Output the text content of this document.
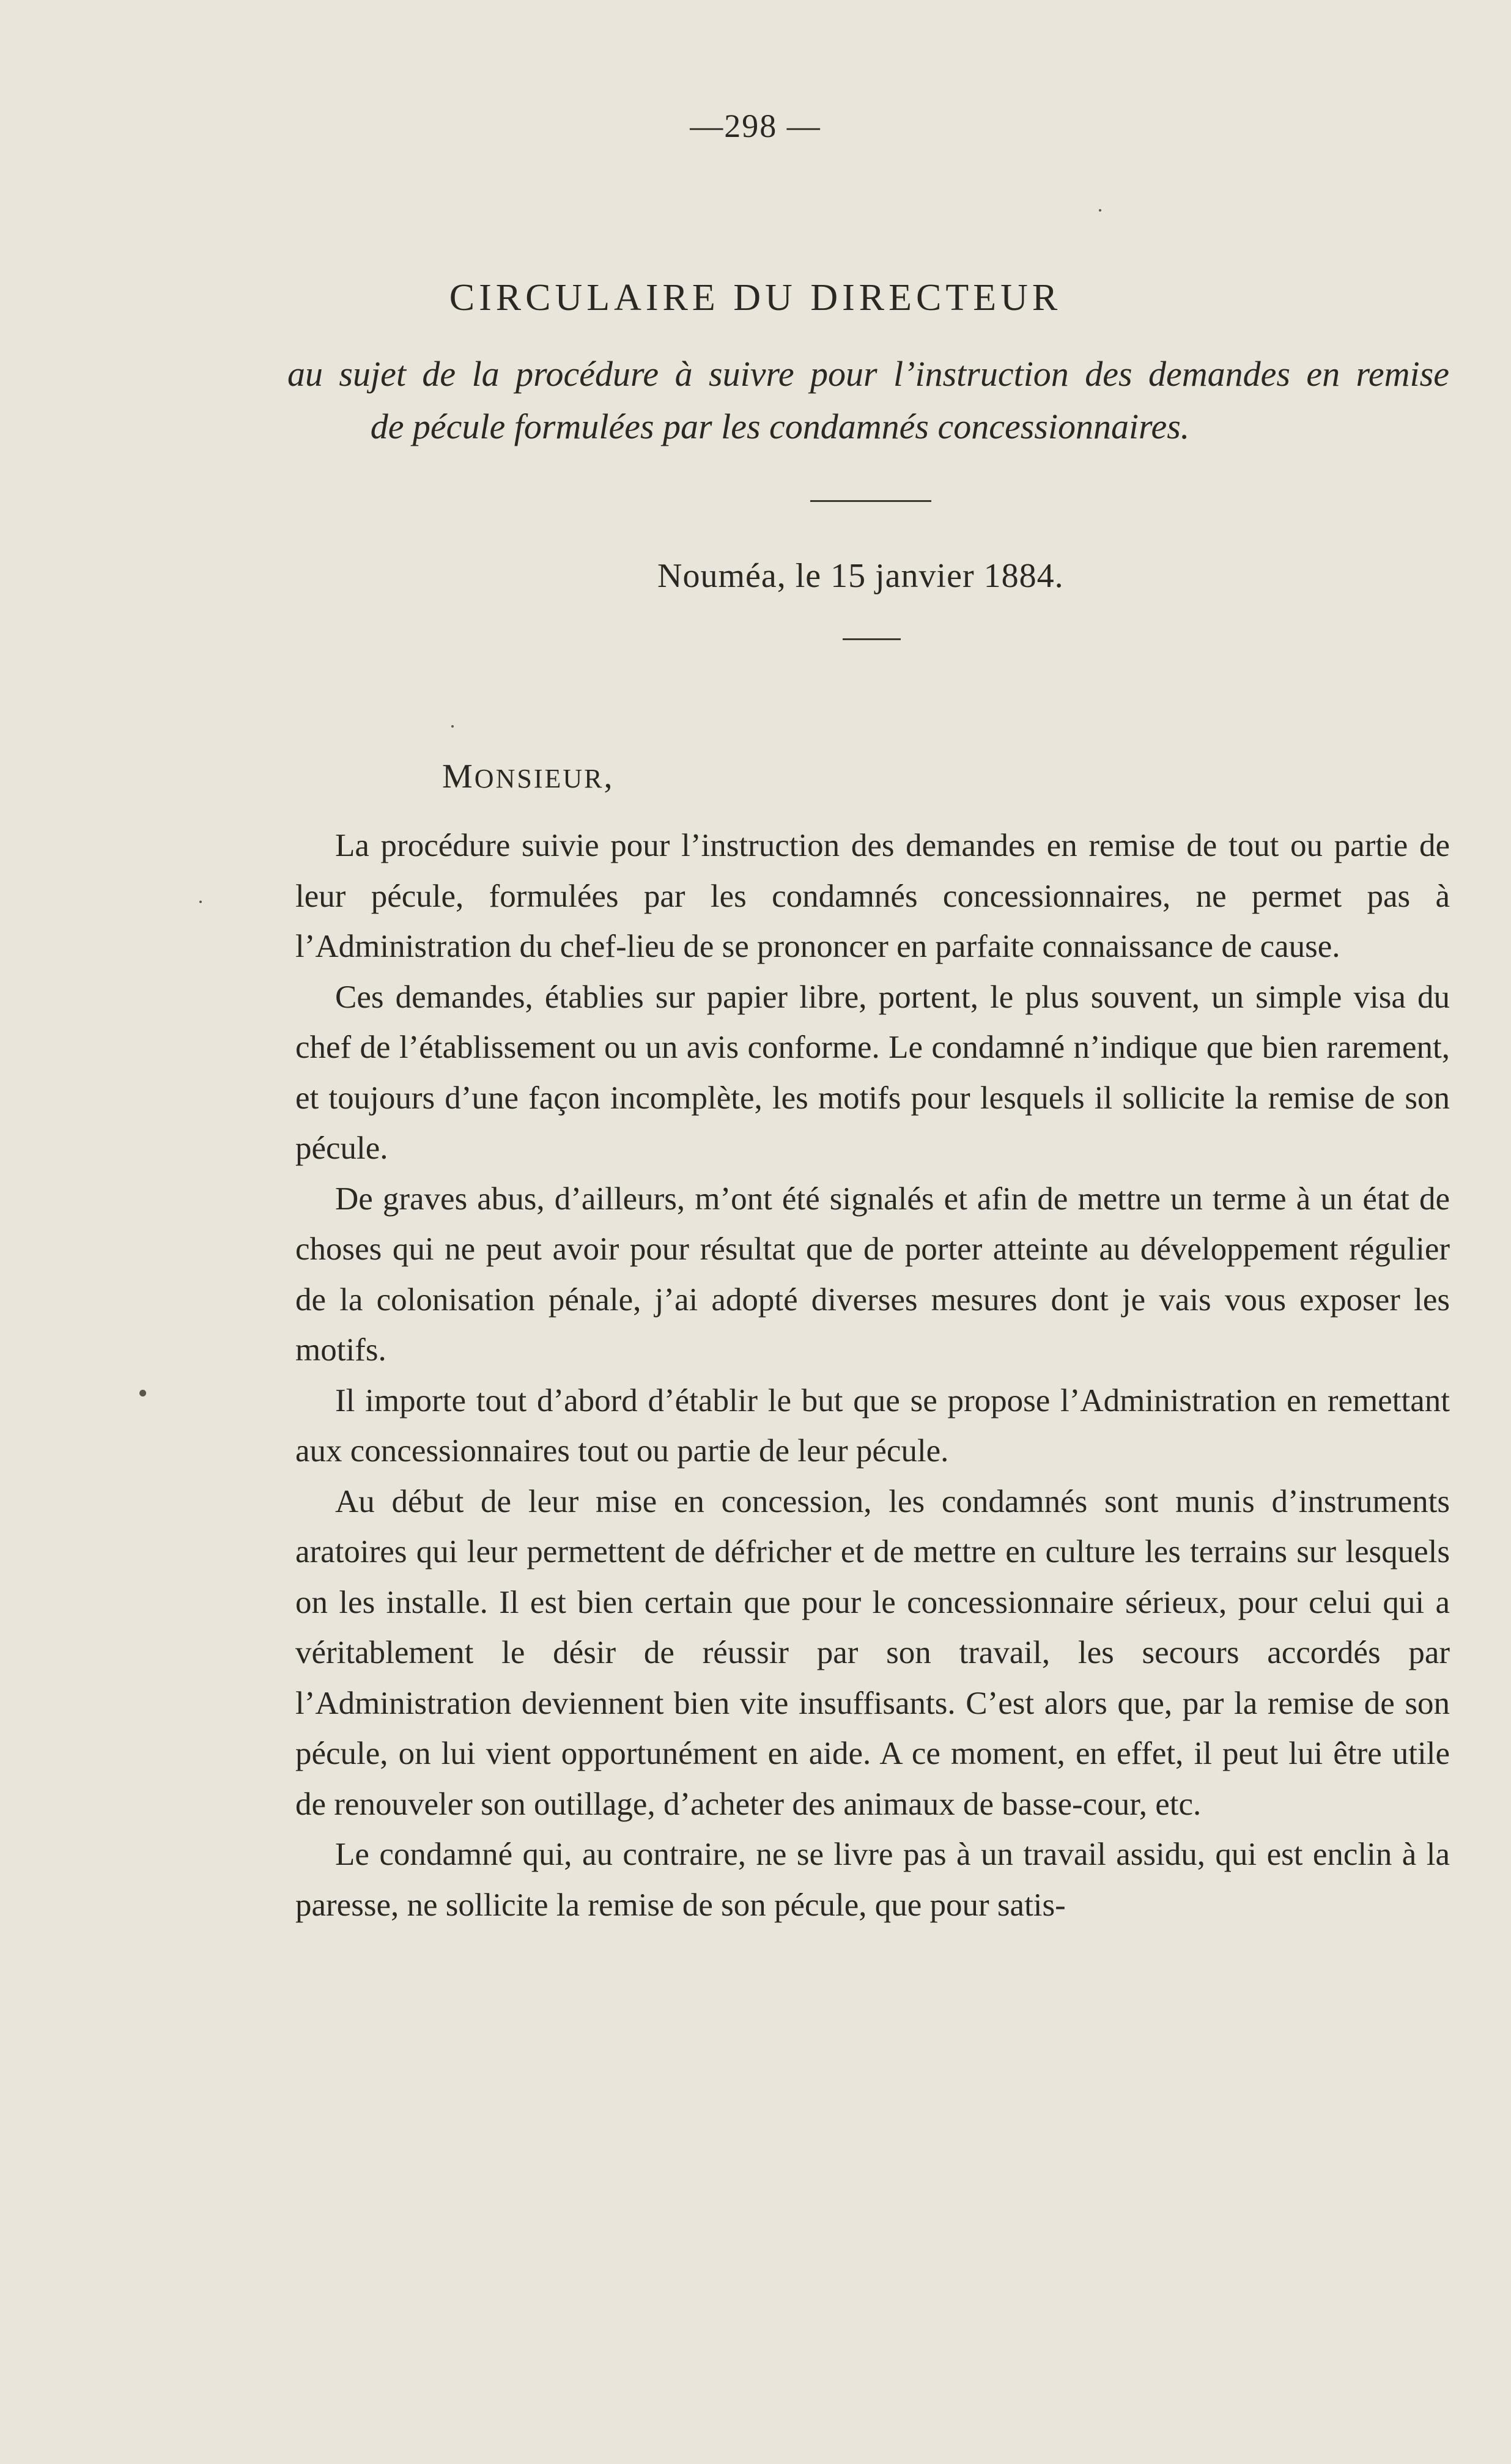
—298 —
CIRCULAIRE DU DIRECTEUR
au sujet de la procédure à suivre pour l’instruction des demandes en remise
de pécule formulées par les condamnés concessionnaires.
Nouméa, le 15 janvier 1884.
MONSIEUR,

La procédure suivie pour l’instruction des demandes en remise de tout ou partie de leur pécule, formulées par les condamnés concessionnaires, ne permet pas à l’Administration du chef-lieu de se prononcer en parfaite connaissance de cause.

Ces demandes, établies sur papier libre, portent, le plus souvent, un simple visa du chef de l’établissement ou un avis conforme. Le condamné n’indique que bien rarement, et toujours d’une façon incomplète, les motifs pour lesquels il sollicite la remise de son pécule.

De graves abus, d’ailleurs, m’ont été signalés et afin de mettre un terme à un état de choses qui ne peut avoir pour résultat que de porter atteinte au développement régulier de la colonisation pénale, j’ai adopté diverses mesures dont je vais vous exposer les motifs.

Il importe tout d’abord d’établir le but que se propose l’Administration en remettant aux concessionnaires tout ou partie de leur pécule.

Au début de leur mise en concession, les condamnés sont munis d’instruments aratoires qui leur permettent de défricher et de mettre en culture les terrains sur lesquels on les installe. Il est bien certain que pour le concessionnaire sérieux, pour celui qui a véritablement le désir de réussir par son travail, les secours accordés par l’Administration deviennent bien vite insuffisants. C’est alors que, par la remise de son pécule, on lui vient opportunément en aide. A ce moment, en effet, il peut lui être utile de renouveler son outillage, d’acheter des animaux de basse-cour, etc.

Le condamné qui, au contraire, ne se livre pas à un travail assidu, qui est enclin à la paresse, ne sollicite la remise de son pécule, que pour satis-
